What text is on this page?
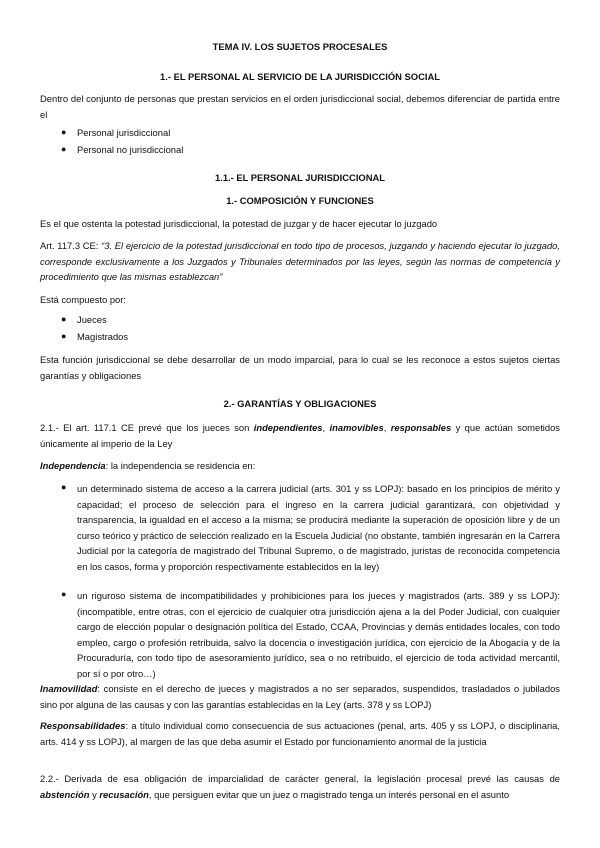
TEMA IV. LOS SUJETOS PROCESALES
1.- EL PERSONAL AL SERVICIO DE LA JURISDICCIÓN SOCIAL
Dentro del conjunto de personas que prestan servicios en el orden jurisdiccional social, debemos diferenciar de partida entre el
● Personal jurisdiccional
● Personal no jurisdiccional
1.1.- EL PERSONAL JURISDICCIONAL
1.- COMPOSICIÓN Y FUNCIONES
Es el que ostenta la potestad jurisdiccional, la potestad de juzgar y de hacer ejecutar lo juzgado
Art. 117.3 CE: “3. El ejercicio de la potestad jurisdiccional en todo tipo de procesos, juzgando y haciendo ejecutar lo juzgado, corresponde exclusivamente a los Juzgados y Tribunales determinados por las leyes, según las normas de competencia y procedimiento que las mismas establezcan”
Está compuesto por:
● Jueces
● Magistrados
Esta función jurisdiccional se debe desarrollar de un modo imparcial, para lo cual se les reconoce a estos sujetos ciertas garantías y obligaciones
2.- GARANTÍAS Y OBLIGACIONES
2.1.- El art. 117.1 CE prevé que los jueces son independientes, inamovibles, responsables y que actúan sometidos únicamente al imperio de la Ley
Independencia: la independencia se residencia en:
● un determinado sistema de acceso a la carrera judicial (arts. 301 y ss LOPJ): basado en los principios de mérito y capacidad; el proceso de selección para el ingreso en la carrera judicial garantizará, con objetividad y transparencia, la igualdad en el acceso a la misma; se producirá mediante la superación de oposición libre y de un curso teórico y práctico de selección realizado en la Escuela Judicial (no obstante, también ingresarán en la Carrera Judicial por la categoría de magistrado del Tribunal Supremo, o de magistrado, juristas de reconocida competencia en los casos, forma y proporción respectivamente establecidos en la ley)
● un riguroso sistema de incompatibilidades y prohibiciones para los jueces y magistrados (arts. 389 y ss LOPJ): (incompatible, entre otras, con el ejercicio de cualquier otra jurisdicción ajena a la del Poder Judicial, con cualquier cargo de elección popular o designación política del Estado, CCAA, Provincias y demás entidades locales, con todo empleo, cargo o profesión retribuida, salvo la docencia o investigación jurídica, con ejercicio de la Abogacía y de la Procuraduría, con todo tipo de asesoramiento jurídico, sea o no retribuido, el ejercicio de toda actividad mercantil, por sí o por otro…)
Inamovilidad: consiste en el derecho de jueces y magistrados a no ser separados, suspendidos, trasladados o jubilados sino por alguna de las causas y con las garantías establecidas en la Ley (arts. 378 y ss LOPJ)
Responsabilidades: a título individual como consecuencia de sus actuaciones (penal, arts. 405 y ss LOPJ, o disciplinaria, arts. 414 y ss LOPJ), al margen de las que deba asumir el Estado por funcionamiento anormal de la justicia
2.2.- Derivada de esa obligación de imparcialidad de carácter general, la legislación procesal prevé las causas de abstención y recusación, que persiguen evitar que un juez o magistrado tenga un interés personal en el asunto
